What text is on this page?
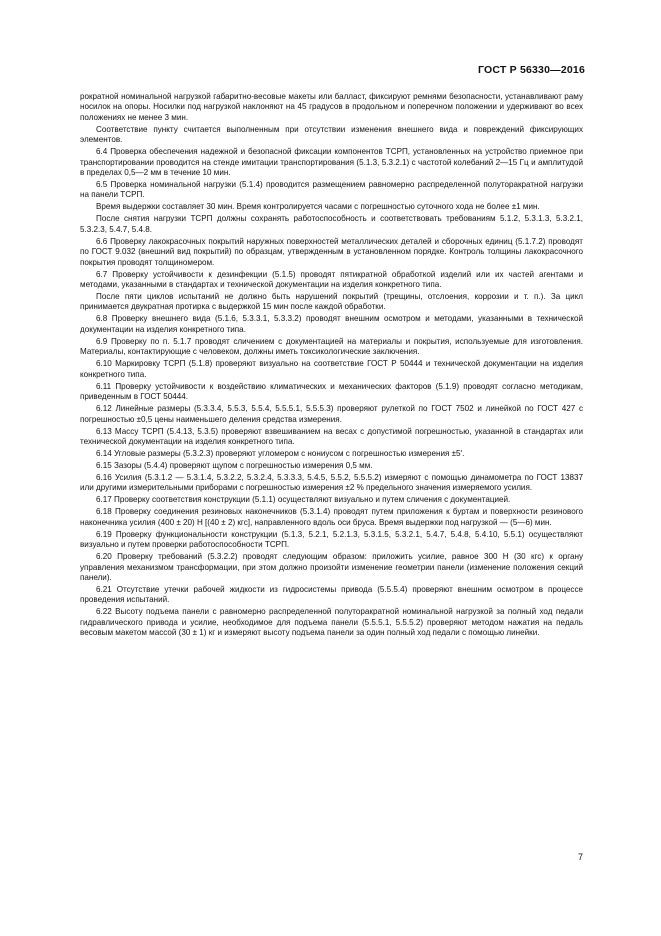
ГОСТ Р 56330—2016

рократной номинальной нагрузкой габаритно-весовые макеты или балласт, фиксируют ремнями безопасности, устанавливают раму носилок на опоры. Носилки под нагрузкой наклоняют на 45 градусов в продольном и поперечном положении и удерживают во всех положениях не менее 3 мин.

Соответствие пункту считается выполненным при отсутствии изменения внешнего вида и повреждений фиксирующих элементов.

6.4 Проверка обеспечения надежной и безопасной фиксации компонентов ТСРП, установленных на устройство приемное при транспортировании проводится на стенде имитации транспортирования (5.1.3, 5.3.2.1) с частотой колебаний 2—15 Гц и амплитудой в пределах 0,5—2 мм в течение 10 мин.

6.5 Проверка номинальной нагрузки (5.1.4) проводится размещением равномерно распределенной полуторакратной нагрузки на панели ТСРП.

Время выдержки составляет 30 мин. Время контролируется часами с погрешностью суточного хода не более ±1 мин.

После снятия нагрузки ТСРП должны сохранять работоспособность и соответствовать требованиям 5.1.2, 5.3.1.3, 5.3.2.1, 5.3.2.3, 5.4.7, 5.4.8.

6.6 Проверку лакокрасочных покрытий наружных поверхностей металлических деталей и сборочных единиц (5.1.7.2) проводят по ГОСТ 9.032 (внешний вид покрытий) по образцам, утвержденным в установленном порядке. Контроль толщины лакокрасочного покрытия проводят толщиномером.

6.7 Проверку устойчивости к дезинфекции (5.1.5) проводят пятикратной обработкой изделий или их частей агентами и методами, указанными в стандартах и технической документации на изделия конкретного типа.

После пяти циклов испытаний не должно быть нарушений покрытий (трещины, отслоения, коррозии и т. п.). За цикл принимается двукратная протирка с выдержкой 15 мин после каждой обработки.

6.8 Проверку внешнего вида (5.1.6, 5.3.3.1, 5.3.3.2) проводят внешним осмотром и методами, указанными в технической документации на изделия конкретного типа.

6.9 Проверку по п. 5.1.7 проводят сличением с документацией на материалы и покрытия, используемые для изготовления. Материалы, контактирующие с человеком, должны иметь токсикологические заключения.

6.10 Маркировку ТСРП (5.1.8) проверяют визуально на соответствие ГОСТ Р 50444 и технической документации на изделия конкретного типа.

6.11 Проверку устойчивости к воздействию климатических и механических факторов (5.1.9) проводят согласно методикам, приведенным в ГОСТ 50444.

6.12 Линейные размеры (5.3.3.4, 5.5.3, 5.5.4, 5.5.5.1, 5.5.5.3) проверяют рулеткой по ГОСТ 7502 и линейкой по ГОСТ 427 с погрешностью ±0,5 цены наименьшего деления средства измерения.

6.13 Массу ТСРП (5.4.13, 5.3.5) проверяют взвешиванием на весах с допустимой погрешностью, указанной в стандартах или технической документации на изделия конкретного типа.

6.14 Угловые размеры (5.3.2.3) проверяют угломером с нониусом с погрешностью измерения ±5'.

6.15 Зазоры (5.4.4) проверяют щупом с погрешностью измерения 0,5 мм.

6.16 Усилия (5.3.1.2 — 5.3.1.4, 5.3.2.2, 5.3.2.4, 5.3.3.3, 5.4.5, 5.5.2, 5.5.5.2) измеряют с помощью динамометра по ГОСТ 13837 или другими измерительными приборами с погрешностью измерения ±2 % предельного значения измеряемого усилия.

6.17 Проверку соответствия конструкции (5.1.1) осуществляют визуально и путем сличения с документацией.

6.18 Проверку соединения резиновых наконечников (5.3.1.4) проводят путем приложения к буртам и поверхности резинового наконечника усилия (400 ± 20) Н [(40 ± 2) кгс], направленного вдоль оси бруса. Время выдержки под нагрузкой — (5—6) мин.

6.19 Проверку функциональности конструкции (5.1.3, 5.2.1, 5.2.1.3, 5.3.1.5, 5.3.2.1, 5.4.7, 5.4.8, 5.4.10, 5.5.1) осуществляют визуально и путем проверки работоспособности ТСРП.

6.20 Проверку требований (5.3.2.2) проводят следующим образом: приложить усилие, равное 300 Н (30 кгс) к органу управления механизмом трансформации, при этом должно произойти изменение геометрии панели (изменение положения секций панели).

6.21 Отсутствие утечки рабочей жидкости из гидросистемы привода (5.5.5.4) проверяют внешним осмотром в процессе проведения испытаний.

6.22 Высоту подъема панели с равномерно распределенной полуторакратной номинальной нагрузкой за полный ход педали гидравлического привода и усилие, необходимое для подъема панели (5.5.5.1, 5.5.5.2) проверяют методом нажатия на педаль весовым макетом массой (30 ± 1) кг и измеряют высоту подъема панели за один полный ход педали с помощью линейки.

7
